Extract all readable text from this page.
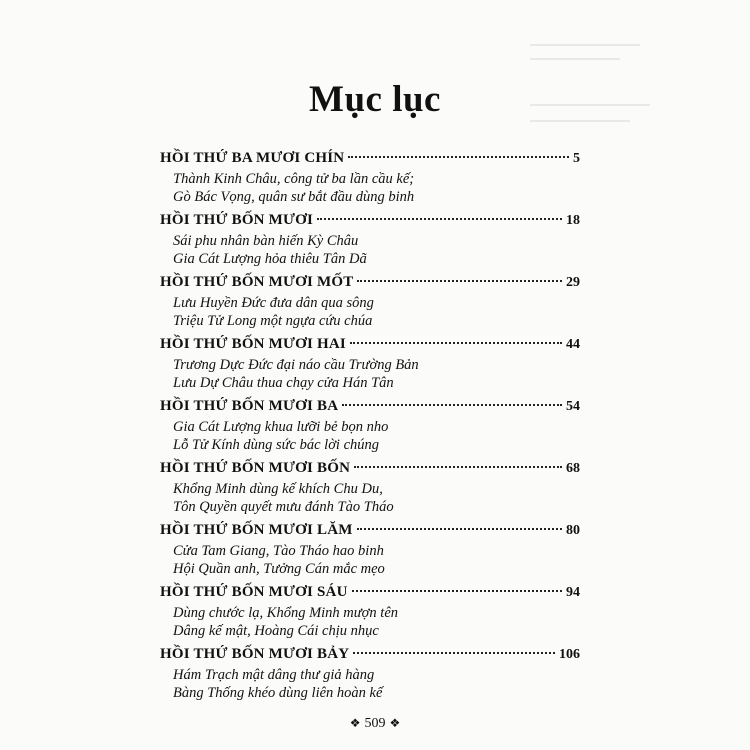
Mục lục
HỒI THỨ BA MƯƠI CHÍN	5
Thành Kinh Châu, công tử ba lần cầu kế;
Gò Bác Vọng, quân sư bắt đầu dùng binh
HỒI THỨ BỐN MƯƠI	18
Sái phu nhân bàn hiến Kỳ Châu
Gia Cát Lượng hỏa thiêu Tân Dã
HỒI THỨ BỐN MƯƠI MỐT	29
Lưu Huyền Đức đưa dân qua sông
Triệu Tử Long một ngựa cứu chúa
HỒI THỨ BỐN MƯƠI HAI	44
Trương Dực Đức đại náo cầu Trường Bản
Lưu Dự Châu thua chạy cửa Hán Tân
HỒI THỨ BỐN MƯƠI BA	54
Gia Cát Lượng khua lưỡi bẻ bọn nho
Lỗ Tử Kính dùng sức bác lời chúng
HỒI THỨ BỐN MƯƠI BỐN	68
Khổng Minh dùng kế khích Chu Du,
Tôn Quyền quyết mưu đánh Tào Tháo
HỒI THỨ BỐN MƯƠI LĂM	80
Cửa Tam Giang, Tào Tháo hao binh
Hội Quần anh, Tưởng Cán mắc mẹo
HỒI THỨ BỐN MƯƠI SÁU	94
Dùng chước lạ, Khổng Minh mượn tên
Dâng kế mật, Hoàng Cái chịu nhục
HỒI THỨ BỐN MƯƠI BẢY	106
Hám Trạch mật dâng thư giả hàng
Bàng Thống khéo dùng liên hoàn kế
❖ 509 ❖
